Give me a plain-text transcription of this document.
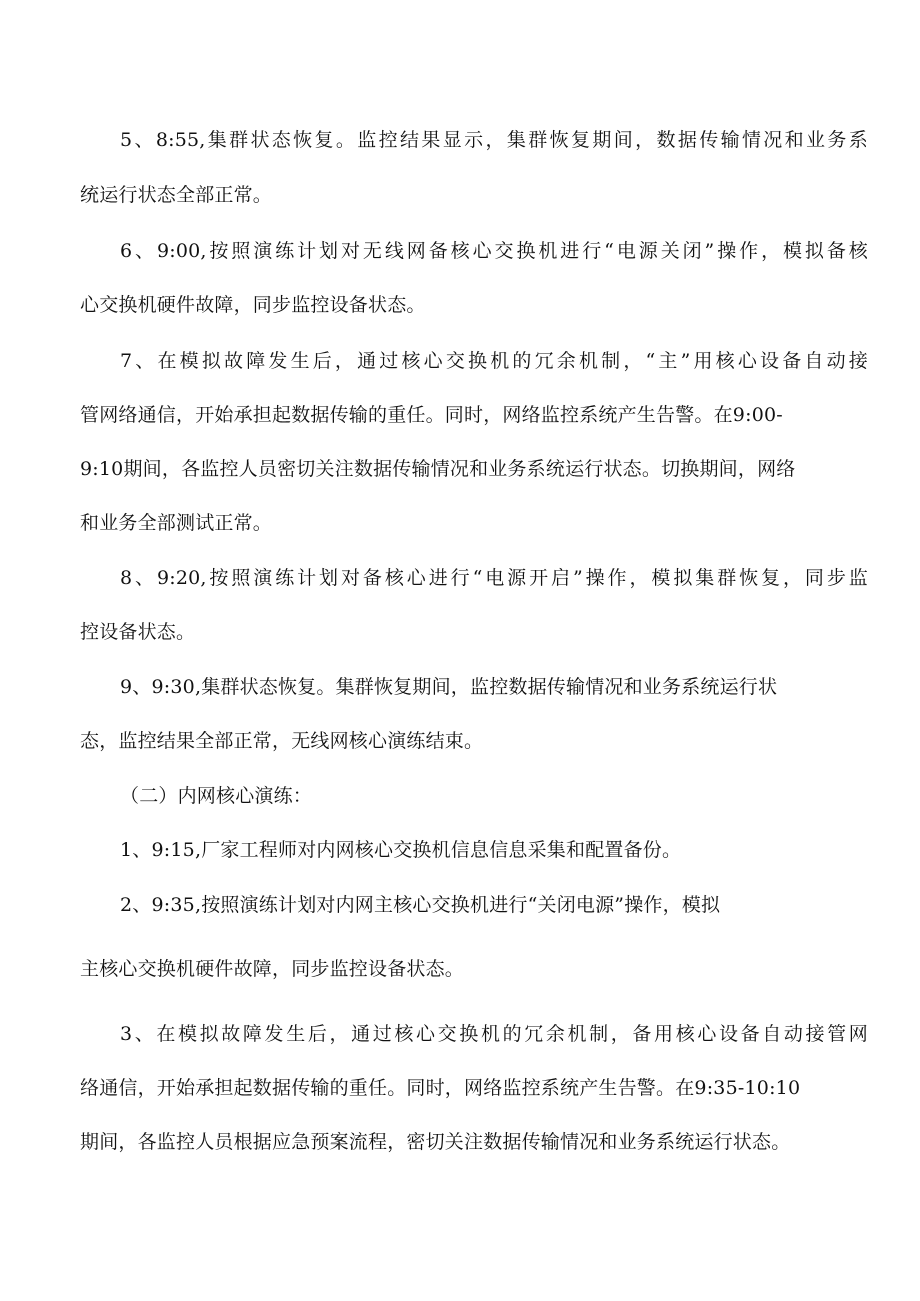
5、8:55,集群状态恢复。监控结果显示，集群恢复期间，数据传输情况和业务系
统运行状态全部正常。
6、9:00,按照演练计划对无线网备核心交换机进行“电源关闭”操作，模拟备核
心交换机硬件故障，同步监控设备状态。
7、在模拟故障发生后，通过核心交换机的冗余机制，“主”用核心设备自动接
管网络通信，开始承担起数据传输的重任。同时，网络监控系统产生告警。在9:00-
9:10期间，各监控人员密切关注数据传输情况和业务系统运行状态。切换期间，网络
和业务全部测试正常。
8、9:20,按照演练计划对备核心进行“电源开启”操作，模拟集群恢复，同步监
控设备状态。
9、9:30,集群状态恢复。集群恢复期间，监控数据传输情况和业务系统运行状
态，监控结果全部正常，无线网核心演练结束。
（二）内网核心演练：
1、9:15,厂家工程师对内网核心交换机信息信息采集和配置备份。
2、9:35,按照演练计划对内网主核心交换机进行“关闭电源”操作，模拟
主核心交换机硬件故障，同步监控设备状态。
3、在模拟故障发生后，通过核心交换机的冗余机制，备用核心设备自动接管网
络通信，开始承担起数据传输的重任。同时，网络监控系统产生告警。在9:35-10:10
期间，各监控人员根据应急预案流程，密切关注数据传输情况和业务系统运行状态。
